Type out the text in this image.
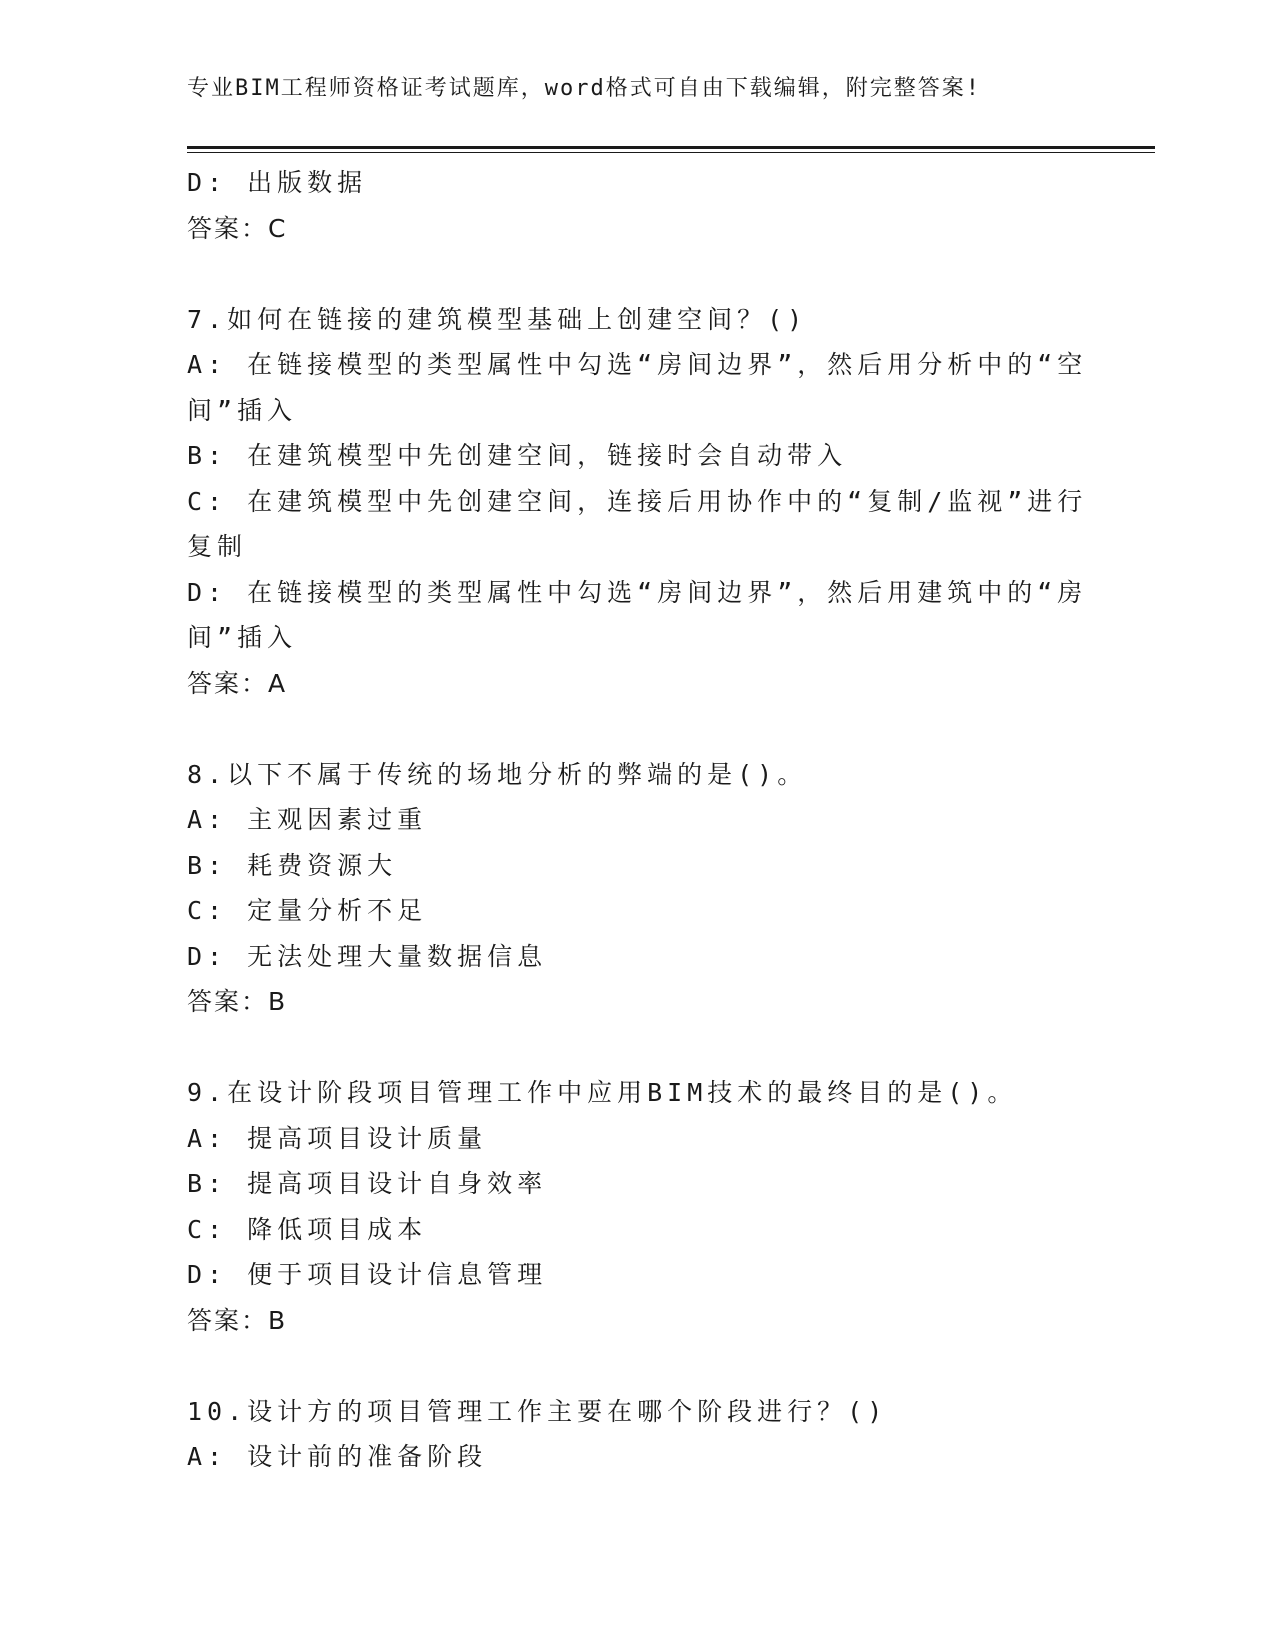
专业BIM工程师资格证考试题库，word格式可自由下载编辑，附完整答案!
D: 出版数据
答案：C
7.如何在链接的建筑模型基础上创建空间？()
A: 在链接模型的类型属性中勾选“房间边界”，然后用分析中的“空
间”插入
B: 在建筑模型中先创建空间，链接时会自动带入
C: 在建筑模型中先创建空间，连接后用协作中的“复制/监视”进行
复制
D: 在链接模型的类型属性中勾选“房间边界”，然后用建筑中的“房
间”插入
答案：A
8.以下不属于传统的场地分析的弊端的是()。
A: 主观因素过重
B: 耗费资源大
C: 定量分析不足
D: 无法处理大量数据信息
答案：B
9.在设计阶段项目管理工作中应用BIM技术的最终目的是()。
A: 提高项目设计质量
B: 提高项目设计自身效率
C: 降低项目成本
D: 便于项目设计信息管理
答案：B
10.设计方的项目管理工作主要在哪个阶段进行？()
A: 设计前的准备阶段
